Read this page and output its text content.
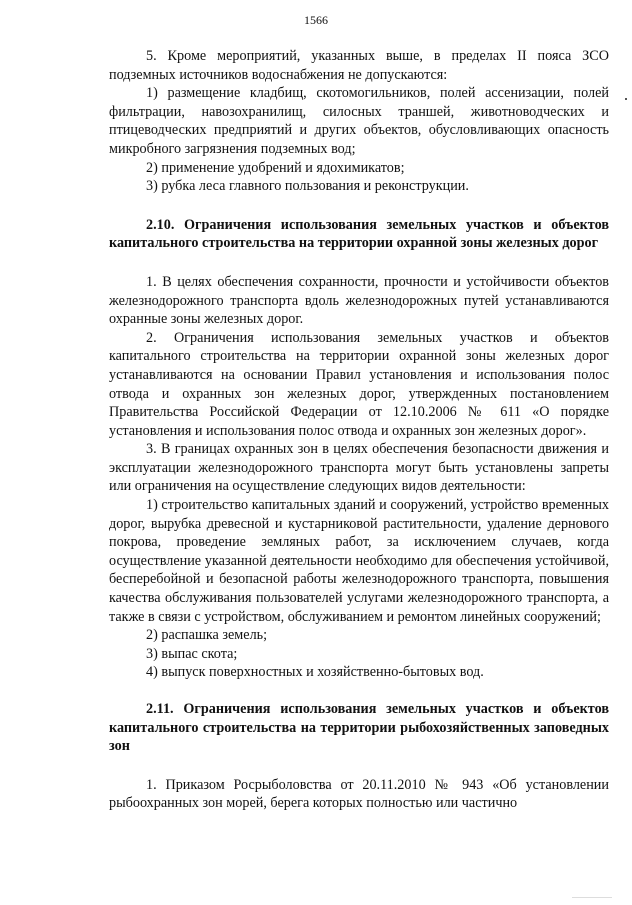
1566

5. Кроме мероприятий, указанных выше, в пределах II пояса ЗСО подземных источников водоснабжения не допускаются:

1) размещение кладбищ, скотомогильников, полей ассенизации, полей фильтрации, навозохранилищ, силосных траншей, животноводческих и птицеводческих предприятий и других объектов, обусловливающих опасность микробного загрязнения подземных вод;

2) применение удобрений и ядохимикатов;

3) рубка леса главного пользования и реконструкции.

2.10. Ограничения использования земельных участков и объектов капитального строительства на территории охранной зоны железных дорог

1. В целях обеспечения сохранности, прочности и устойчивости объектов железнодорожного транспорта вдоль железнодорожных путей устанавливаются охранные зоны железных дорог.

2. Ограничения использования земельных участков и объектов капитального строительства на территории охранной зоны железных дорог устанавливаются на основании Правил установления и использования полос отвода и охранных зон железных дорог, утвержденных постановлением Правительства Российской Федерации от 12.10.2006 № 611 «О порядке установления и использования полос отвода и охранных зон железных дорог».

3. В границах охранных зон в целях обеспечения безопасности движения и эксплуатации железнодорожного транспорта могут быть установлены запреты или ограничения на осуществление следующих видов деятельности:

1) строительство капитальных зданий и сооружений, устройство временных дорог, вырубка древесной и кустарниковой растительности, удаление дернового покрова, проведение земляных работ, за исключением случаев, когда осуществление указанной деятельности необходимо для обеспечения устойчивой, бесперебойной и безопасной работы железнодорожного транспорта, повышения качества обслуживания пользователей услугами железнодорожного транспорта, а также в связи с устройством, обслуживанием и ремонтом линейных сооружений;

2) распашка земель;

3) выпас скота;

4) выпуск поверхностных и хозяйственно-бытовых вод.

2.11. Ограничения использования земельных участков и объектов капитального строительства на территории рыбохозяйственных заповедных зон

1. Приказом Росрыболовства от 20.11.2010 № 943 «Об установлении рыбоохранных зон морей, берега которых полностью или частично
